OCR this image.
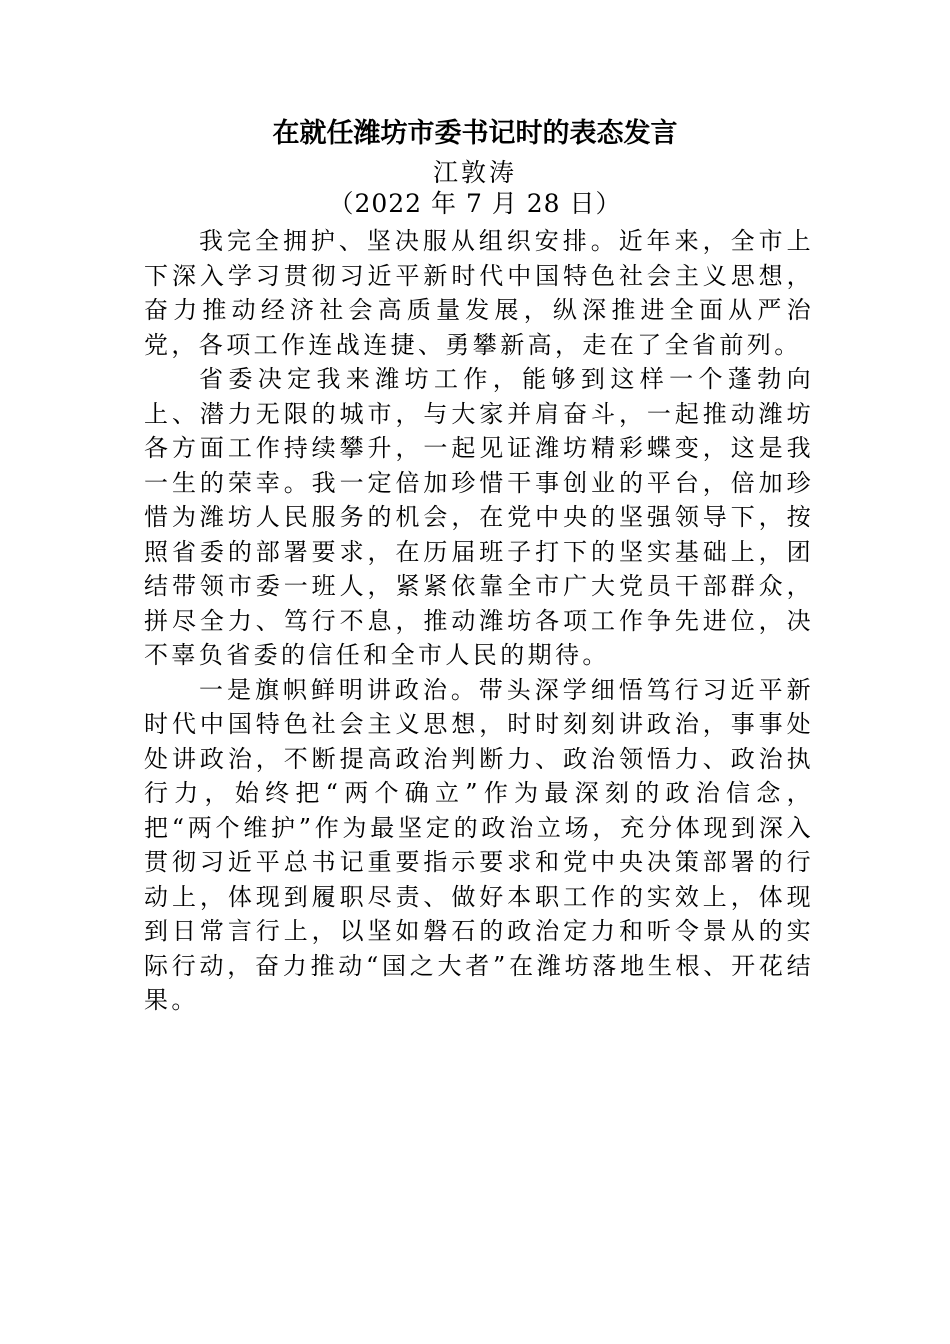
在就任潍坊市委书记时的表态发言
江敦涛
（2022 年 7 月 28 日）

我完全拥护、坚决服从组织安排。近年来，全市上下深入学习贯彻习近平新时代中国特色社会主义思想，奋力推动经济社会高质量发展，纵深推进全面从严治党，各项工作连战连捷、勇攀新高，走在了全省前列。

省委决定我来潍坊工作，能够到这样一个蓬勃向上、潜力无限的城市，与大家并肩奋斗，一起推动潍坊各方面工作持续攀升，一起见证潍坊精彩蝶变，这是我一生的荣幸。我一定倍加珍惜干事创业的平台，倍加珍惜为潍坊人民服务的机会，在党中央的坚强领导下，按照省委的部署要求，在历届班子打下的坚实基础上，团结带领市委一班人，紧紧依靠全市广大党员干部群众，拼尽全力、笃行不息，推动潍坊各项工作争先进位，决不辜负省委的信任和全市人民的期待。

一是旗帜鲜明讲政治。带头深学细悟笃行习近平新时代中国特色社会主义思想，时时刻刻讲政治，事事处处讲政治，不断提高政治判断力、政治领悟力、政治执行力，始终把“两个确立”作为最深刻的政治信念，把“两个维护”作为最坚定的政治立场，充分体现到深入贯彻习近平总书记重要指示要求和党中央决策部署的行动上，体现到履职尽责、做好本职工作的实效上，体现到日常言行上，以坚如磐石的政治定力和听令景从的实际行动，奋力推动“国之大者”在潍坊落地生根、开花结果。
